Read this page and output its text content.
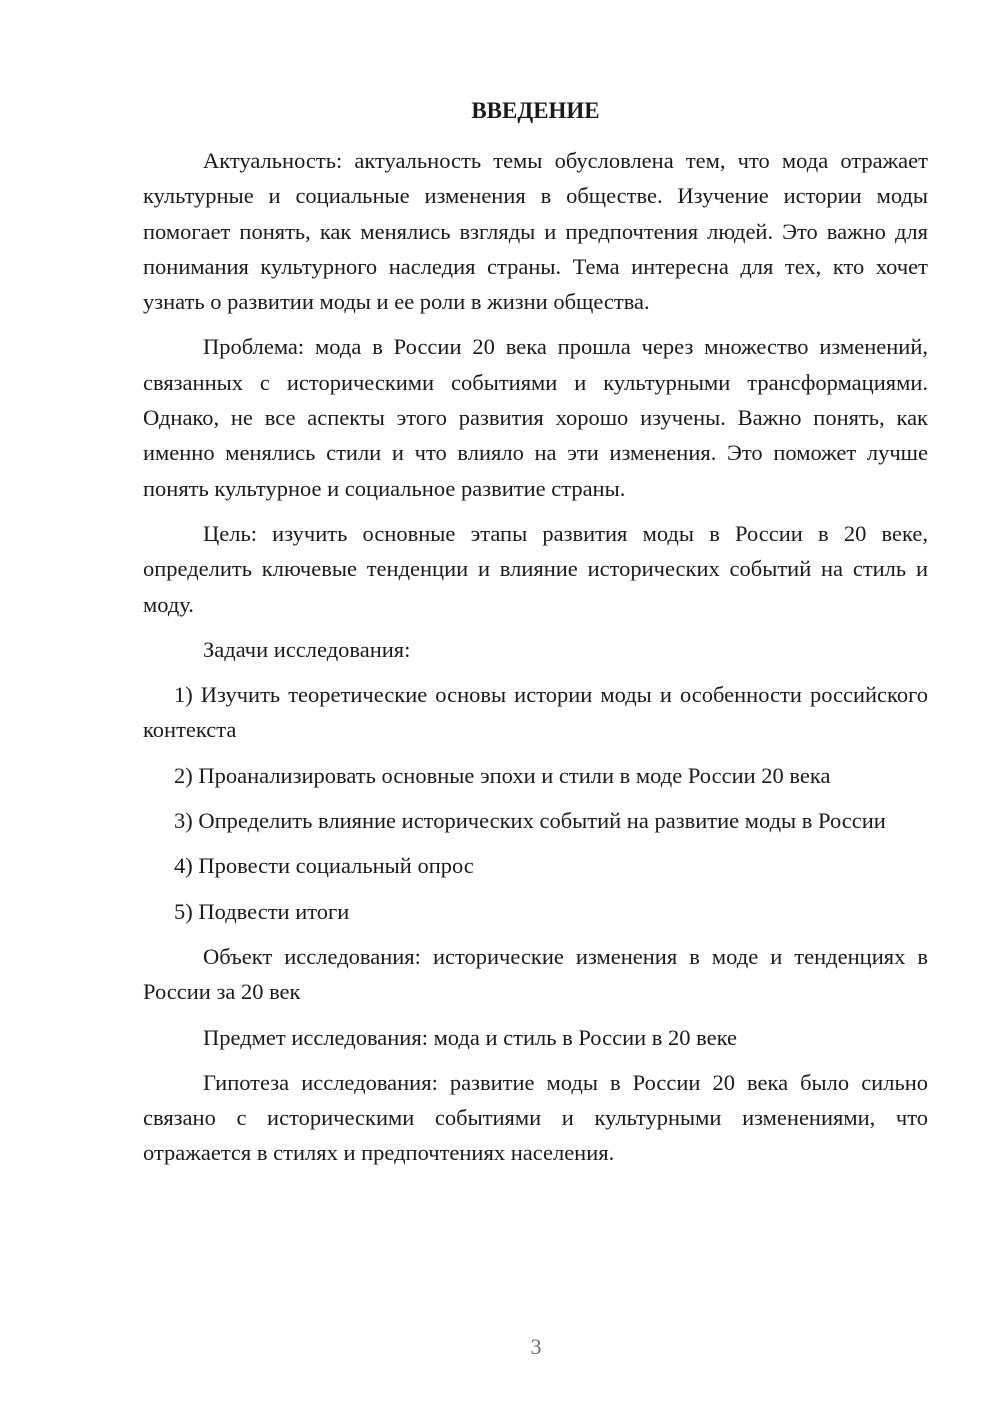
ВВЕДЕНИЕ

Актуальность: актуальность темы обусловлена тем, что мода отражает культурные и социальные изменения в обществе. Изучение истории моды помогает понять, как менялись взгляды и предпочтения людей. Это важно для понимания культурного наследия страны. Тема интересна для тех, кто хочет узнать о развитии моды и ее роли в жизни общества.

Проблема: мода в России 20 века прошла через множество изменений, связанных с историческими событиями и культурными трансформациями. Однако, не все аспекты этого развития хорошо изучены. Важно понять, как именно менялись стили и что влияло на эти изменения. Это поможет лучше понять культурное и социальное развитие страны.

Цель: изучить основные этапы развития моды в России в 20 веке, определить ключевые тенденции и влияние исторических событий на стиль и моду.

Задачи исследования:

1) Изучить теоретические основы истории моды и особенности российского контекста

2) Проанализировать основные эпохи и стили в моде России 20 века

3) Определить влияние исторических событий на развитие моды в России

4) Провести социальный опрос

5) Подвести итоги

Объект исследования: исторические изменения в моде и тенденциях в России за 20 век

Предмет исследования: мода и стиль в России в 20 веке

Гипотеза исследования: развитие моды в России 20 века было сильно связано с историческими событиями и культурными изменениями, что отражается в стилях и предпочтениях населения.

3
